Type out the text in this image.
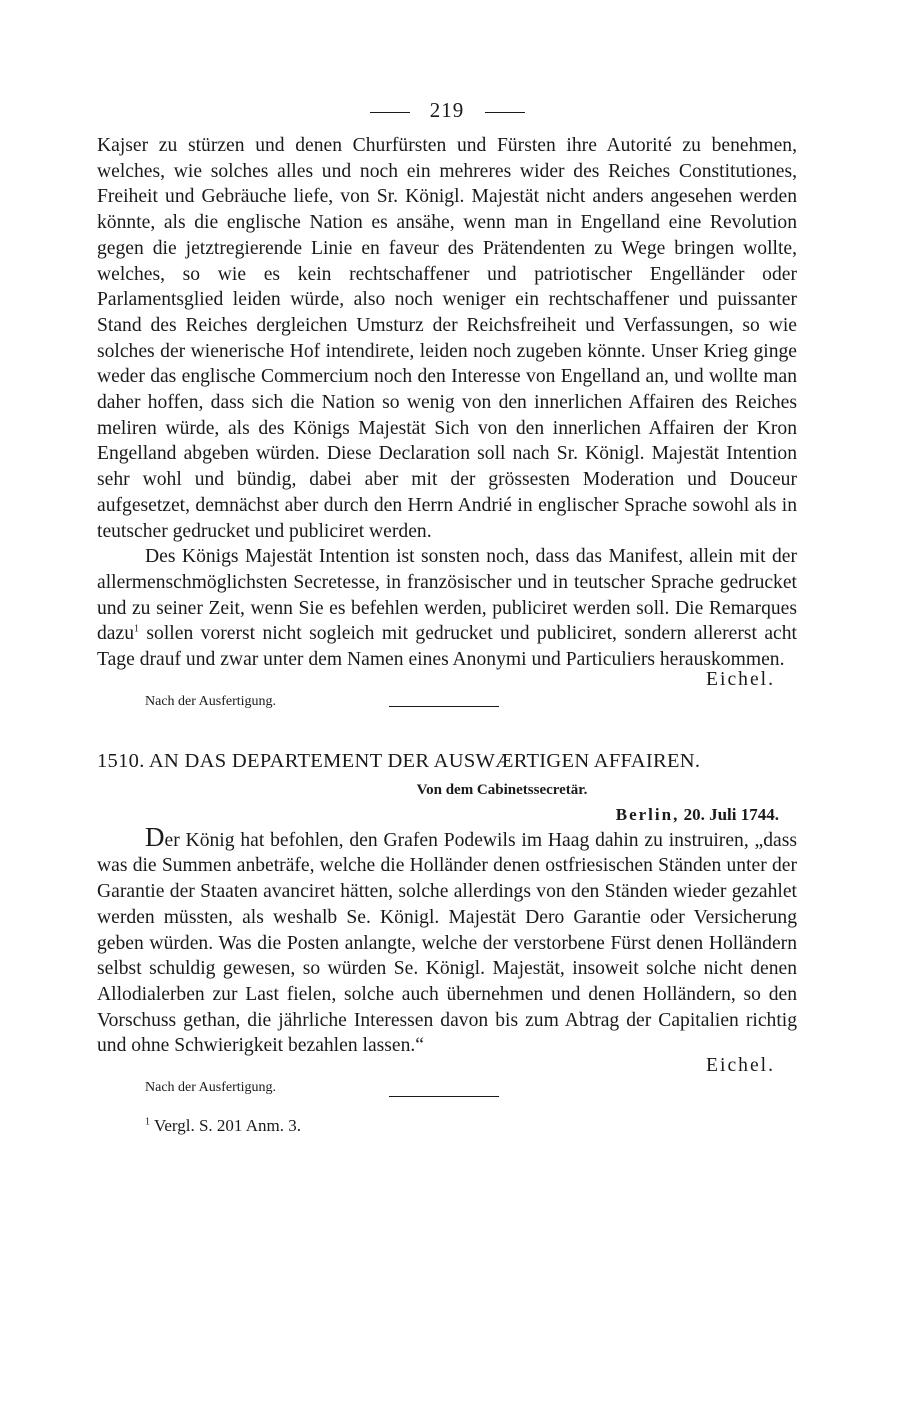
219

Kajser zu stürzen und denen Churfürsten und Fürsten ihre Autorité zu benehmen, welches, wie solches alles und noch ein mehreres wider des Reiches Constitutiones, Freiheit und Gebräuche liefe, von Sr. Königl. Majestät nicht anders angesehen werden könnte, als die englische Nation es ansähe, wenn man in Engelland eine Revolution gegen die jetztregierende Linie en faveur des Prätendenten zu Wege bringen wollte, welches, so wie es kein rechtschaffener und patriotischer Engelländer oder Parlamentsglied leiden würde, also noch weniger ein rechtschaffener und puissanter Stand des Reiches dergleichen Umsturz der Reichsfreiheit und Verfassungen, so wie solches der wienerische Hof intendirete, leiden noch zugeben könnte. Unser Krieg ginge weder das englische Commercium noch den Interesse von Engelland an, und wollte man daher hoffen, dass sich die Nation so wenig von den innerlichen Affairen des Reiches meliren würde, als des Königs Majestät Sich von den innerlichen Affairen der Kron Engelland abgeben würden. Diese Declaration soll nach Sr. Königl. Majestät Intention sehr wohl und bündig, dabei aber mit der grössesten Moderation und Douceur aufgesetzet, demnächst aber durch den Herrn Andrié in englischer Sprache sowohl als in teutscher gedrucket und publiciret werden.

Des Königs Majestät Intention ist sonsten noch, dass das Manifest, allein mit der allermenschmöglichsten Secretesse, in französischer und in teutscher Sprache gedrucket und zu seiner Zeit, wenn Sie es befehlen werden, publiciret werden soll. Die Remarques dazu$^1$ sollen vorerst nicht sogleich mit gedrucket und publiciret, sondern allererst acht Tage drauf und zwar unter dem Namen eines Anonymi und Particuliers herauskommen.

Eichel.
Nach der Ausfertigung.
1510. AN DAS DEPARTEMENT DER AUSWÆRTIGEN AFFAIREN.
Von dem Cabinetssecretär.
Berlin, 20. Juli 1744.

Der König hat befohlen, den Grafen Podewils im Haag dahin zu instruiren, „dass was die Summen anbeträfe, welche die Holländer denen ostfriesischen Ständen unter der Garantie der Staaten avanciret hätten, solche allerdings von den Ständen wieder gezahlet werden müssten, als weshalb Se. Königl. Majestät Dero Garantie oder Versicherung geben würden. Was die Posten anlangte, welche der verstorbene Fürst denen Holländern selbst schuldig gewesen, so würden Se. Königl. Majestät, insoweit solche nicht denen Allodialerben zur Last fielen, solche auch übernehmen und denen Holländern, so den Vorschuss gethan, die jährliche Interessen davon bis zum Abtrag der Capitalien richtig und ohne Schwierigkeit bezahlen lassen.“

Eichel.
Nach der Ausfertigung.
$^1$ Vergl. S. 201 Anm. 3.
